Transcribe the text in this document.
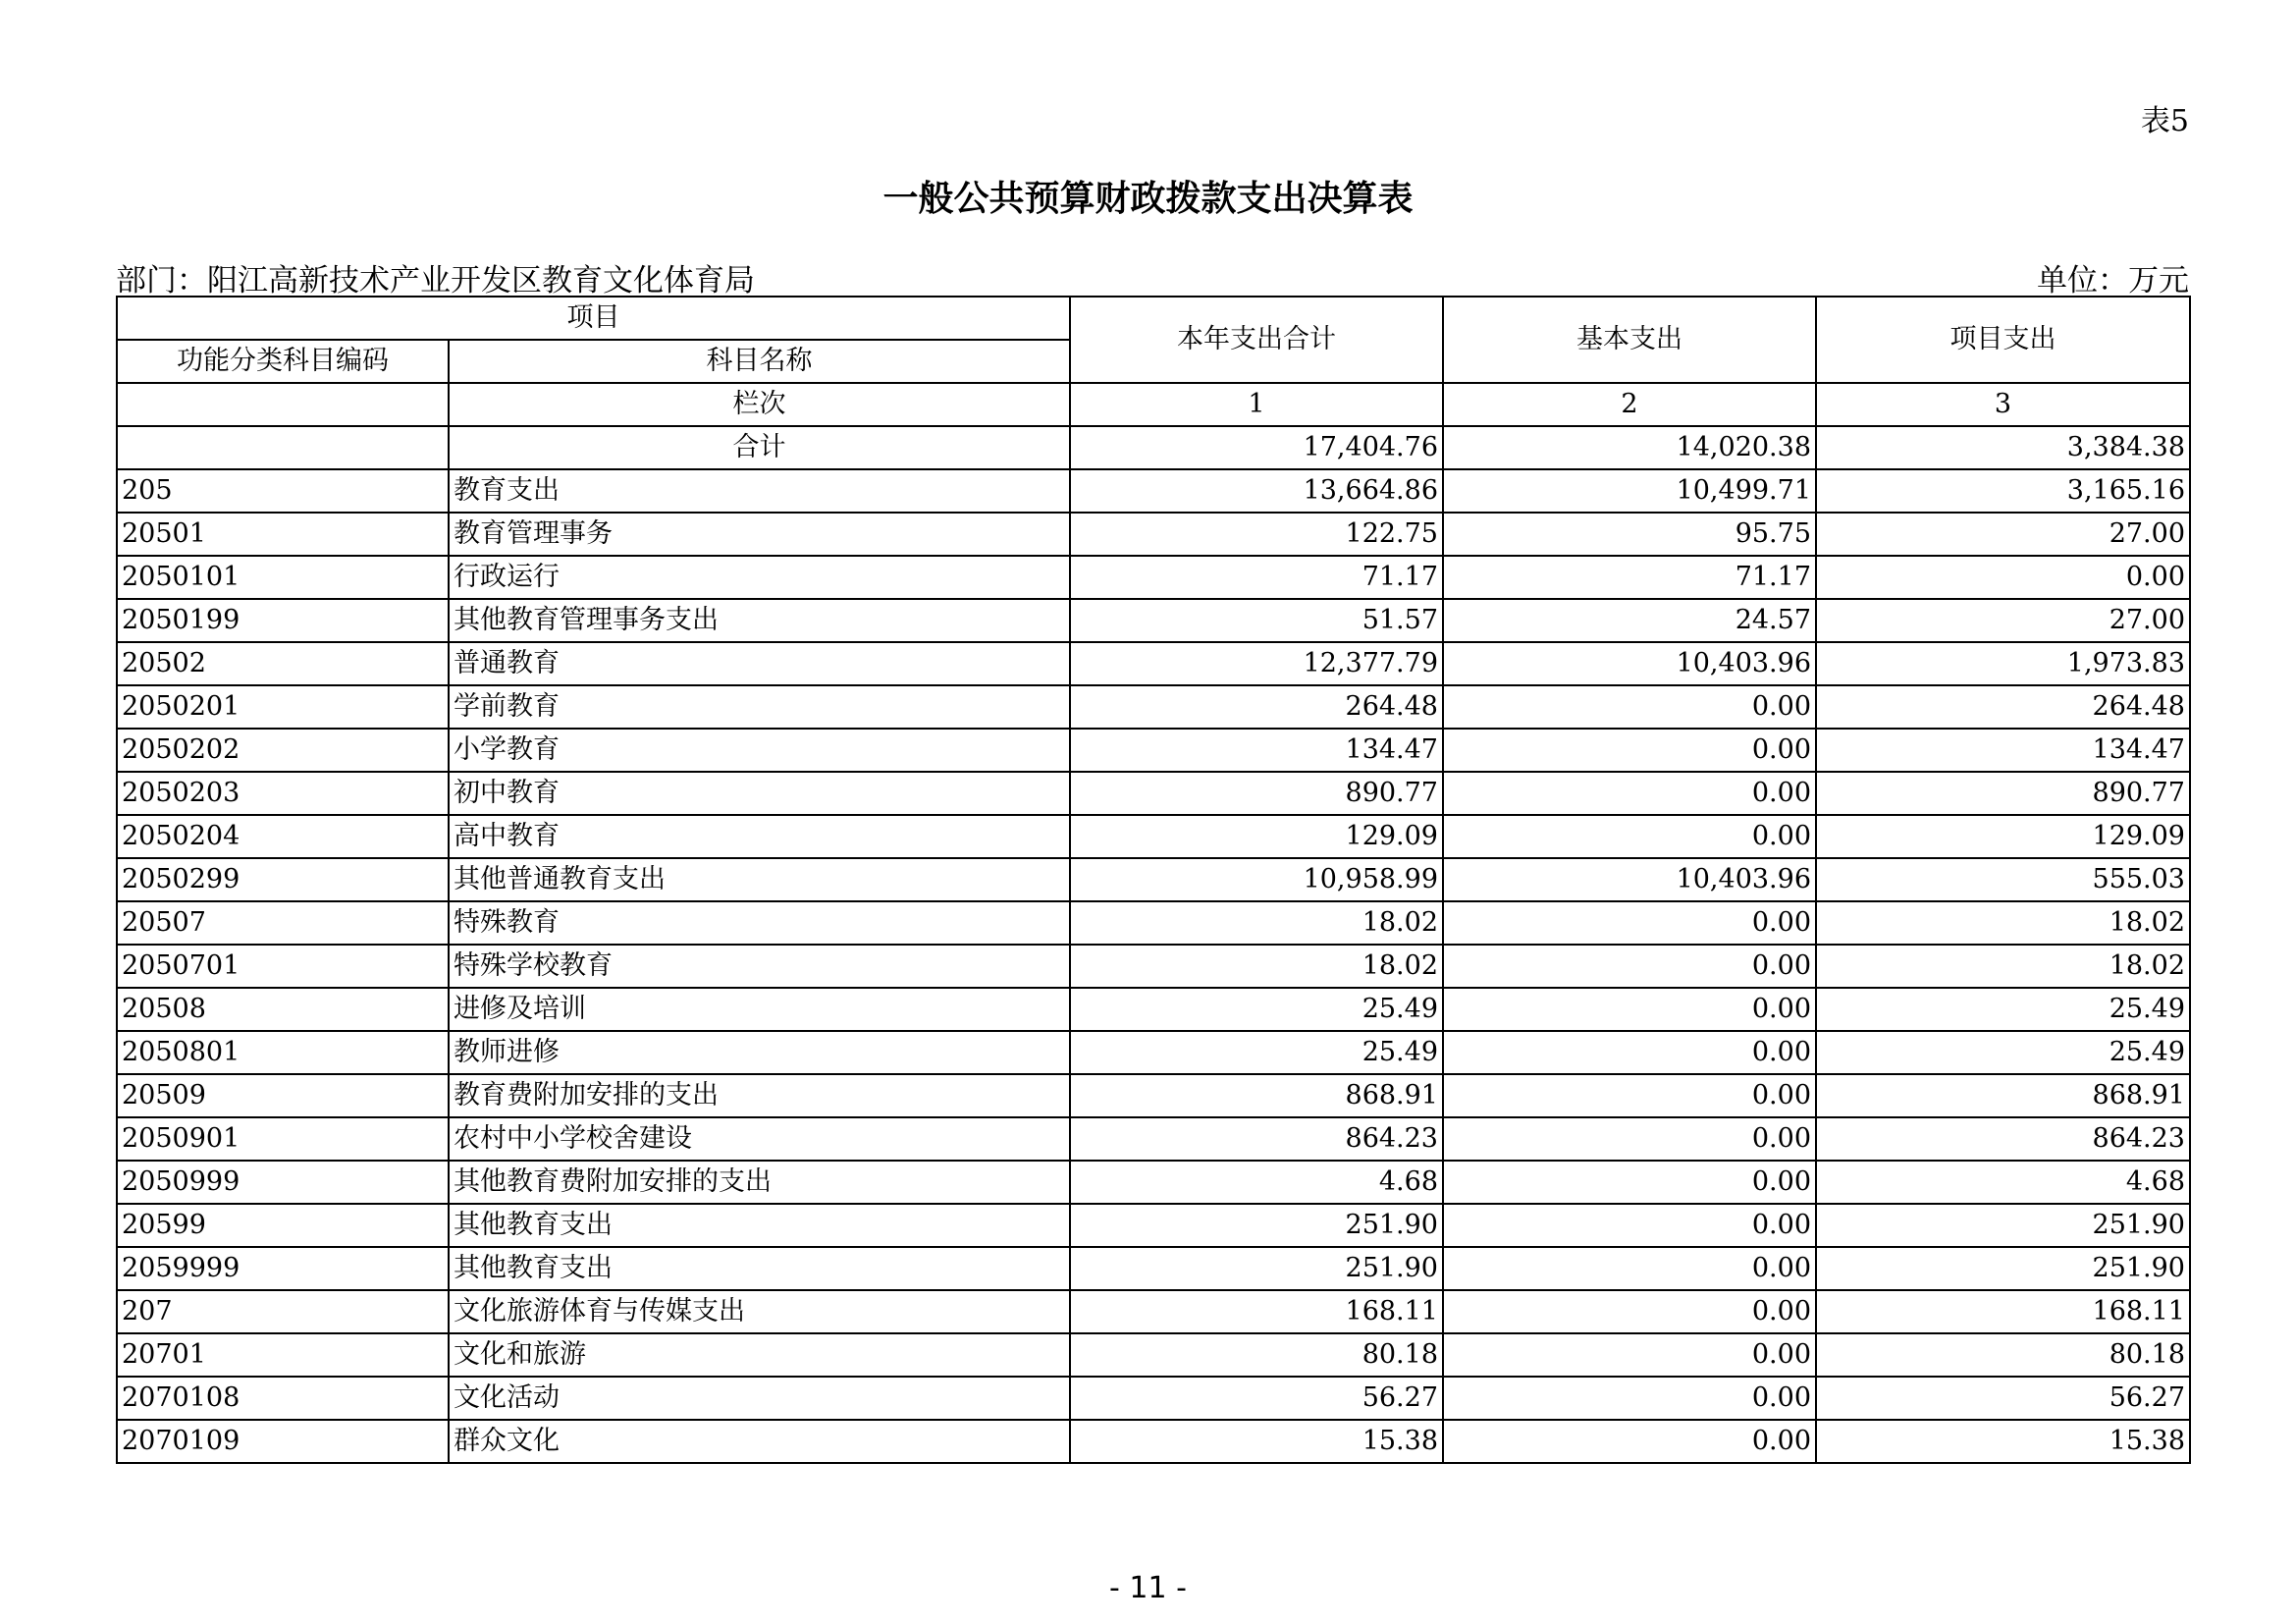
表5
一般公共预算财政拨款支出决算表
部门：阳江高新技术产业开发区教育文化体育局	单位：万元
项目		本年支出合计	基本支出	项目支出
功能分类科目编码	科目名称			
	栏次	1	2	3
	合计	17,404.76	14,020.38	3,384.38
205	教育支出	13,664.86	10,499.71	3,165.16
20501	教育管理事务	122.75	95.75	27.00
2050101	行政运行	71.17	71.17	0.00
2050199	其他教育管理事务支出	51.57	24.57	27.00
20502	普通教育	12,377.79	10,403.96	1,973.83
2050201	学前教育	264.48	0.00	264.48
2050202	小学教育	134.47	0.00	134.47
2050203	初中教育	890.77	0.00	890.77
2050204	高中教育	129.09	0.00	129.09
2050299	其他普通教育支出	10,958.99	10,403.96	555.03
20507	特殊教育	18.02	0.00	18.02
2050701	特殊学校教育	18.02	0.00	18.02
20508	进修及培训	25.49	0.00	25.49
2050801	教师进修	25.49	0.00	25.49
20509	教育费附加安排的支出	868.91	0.00	868.91
2050901	农村中小学校舍建设	864.23	0.00	864.23
2050999	其他教育费附加安排的支出	4.68	0.00	4.68
20599	其他教育支出	251.90	0.00	251.90
2059999	其他教育支出	251.90	0.00	251.90
207	文化旅游体育与传媒支出	168.11	0.00	168.11
20701	文化和旅游	80.18	0.00	80.18
2070108	文化活动	56.27	0.00	56.27
2070109	群众文化	15.38	0.00	15.38
- 11 -
